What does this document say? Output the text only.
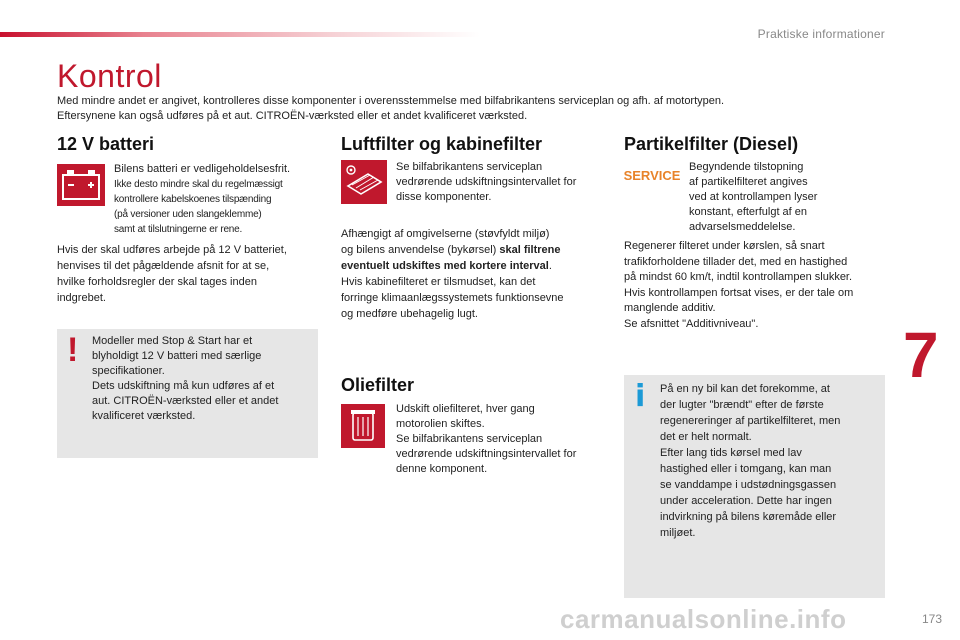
Praktiske informationer
Kontrol

Med mindre andet er angivet, kontrolleres disse komponenter i overensstemmelse med bilfabrikantens serviceplan og afh. af motortypen.

Eftersynene kan også udføres på et aut. CITROËN-værksted eller et andet kvalificeret værksted.

12 V batteri

Bilens batteri er vedligeholdelsesfrit.

Ikke desto mindre skal du regelmæssigt

kontrollere kabelskoenes tilspænding

(på versioner uden slangeklemme)

samt at tilslutningerne er rene.

Hvis der skal udføres arbejde på 12 V batteriet,

henvises til det pågældende afsnit for at se,

hvilke forholdsregler der skal tages inden

indgrebet.

! Modeller med Stop & Start har et

blyholdigt 12 V batteri med særlige

specifikationer.

Dets udskiftning må kun udføres af et

aut. CITROËN-værksted eller et andet

kvalificeret værksted.

Luftfilter og kabinefilter

Se bilfabrikantens serviceplan

vedrørende udskiftningsintervallet for

disse komponenter.

Afhængigt af omgivelserne (støvfyldt miljø)

og bilens anvendelse (bykørsel) skal filtrene

eventuelt udskiftes med kortere interval.

Hvis kabinefilteret er tilsmudset, kan det

forringe klimaanlægssystemets funktionsevne

og medføre ubehagelig lugt.

Oliefilter

Udskift oliefilteret, hver gang

motorolien skiftes.

Se bilfabrikantens serviceplan

vedrørende udskiftningsintervallet for

denne komponent.

Partikelfilter (Diesel)
SERVICE

Begyndende tilstopning

af partikelfilteret angives

ved at kontrollampen lyser

konstant, efterfulgt af en

advarselsmeddelelse.

Regenerer filteret under kørslen, så snart

trafikforholdene tillader det, med en hastighed

på mindst 60 km/t, indtil kontrollampen slukker.

Hvis kontrollampen fortsat vises, er der tale om

manglende additiv.

Se afsnittet "Additivniveau".

i På en ny bil kan det forekomme, at

der lugter "brændt" efter de første

regenereringer af partikelfilteret, men

det er helt normalt.

Efter lang tids kørsel med lav

hastighed eller i tomgang, kan man

se vanddampe i udstødningsgassen

under acceleration. Dette har ingen

indvirkning på bilens køremåde eller

miljøet.

7
carmanualsonline.info	173
